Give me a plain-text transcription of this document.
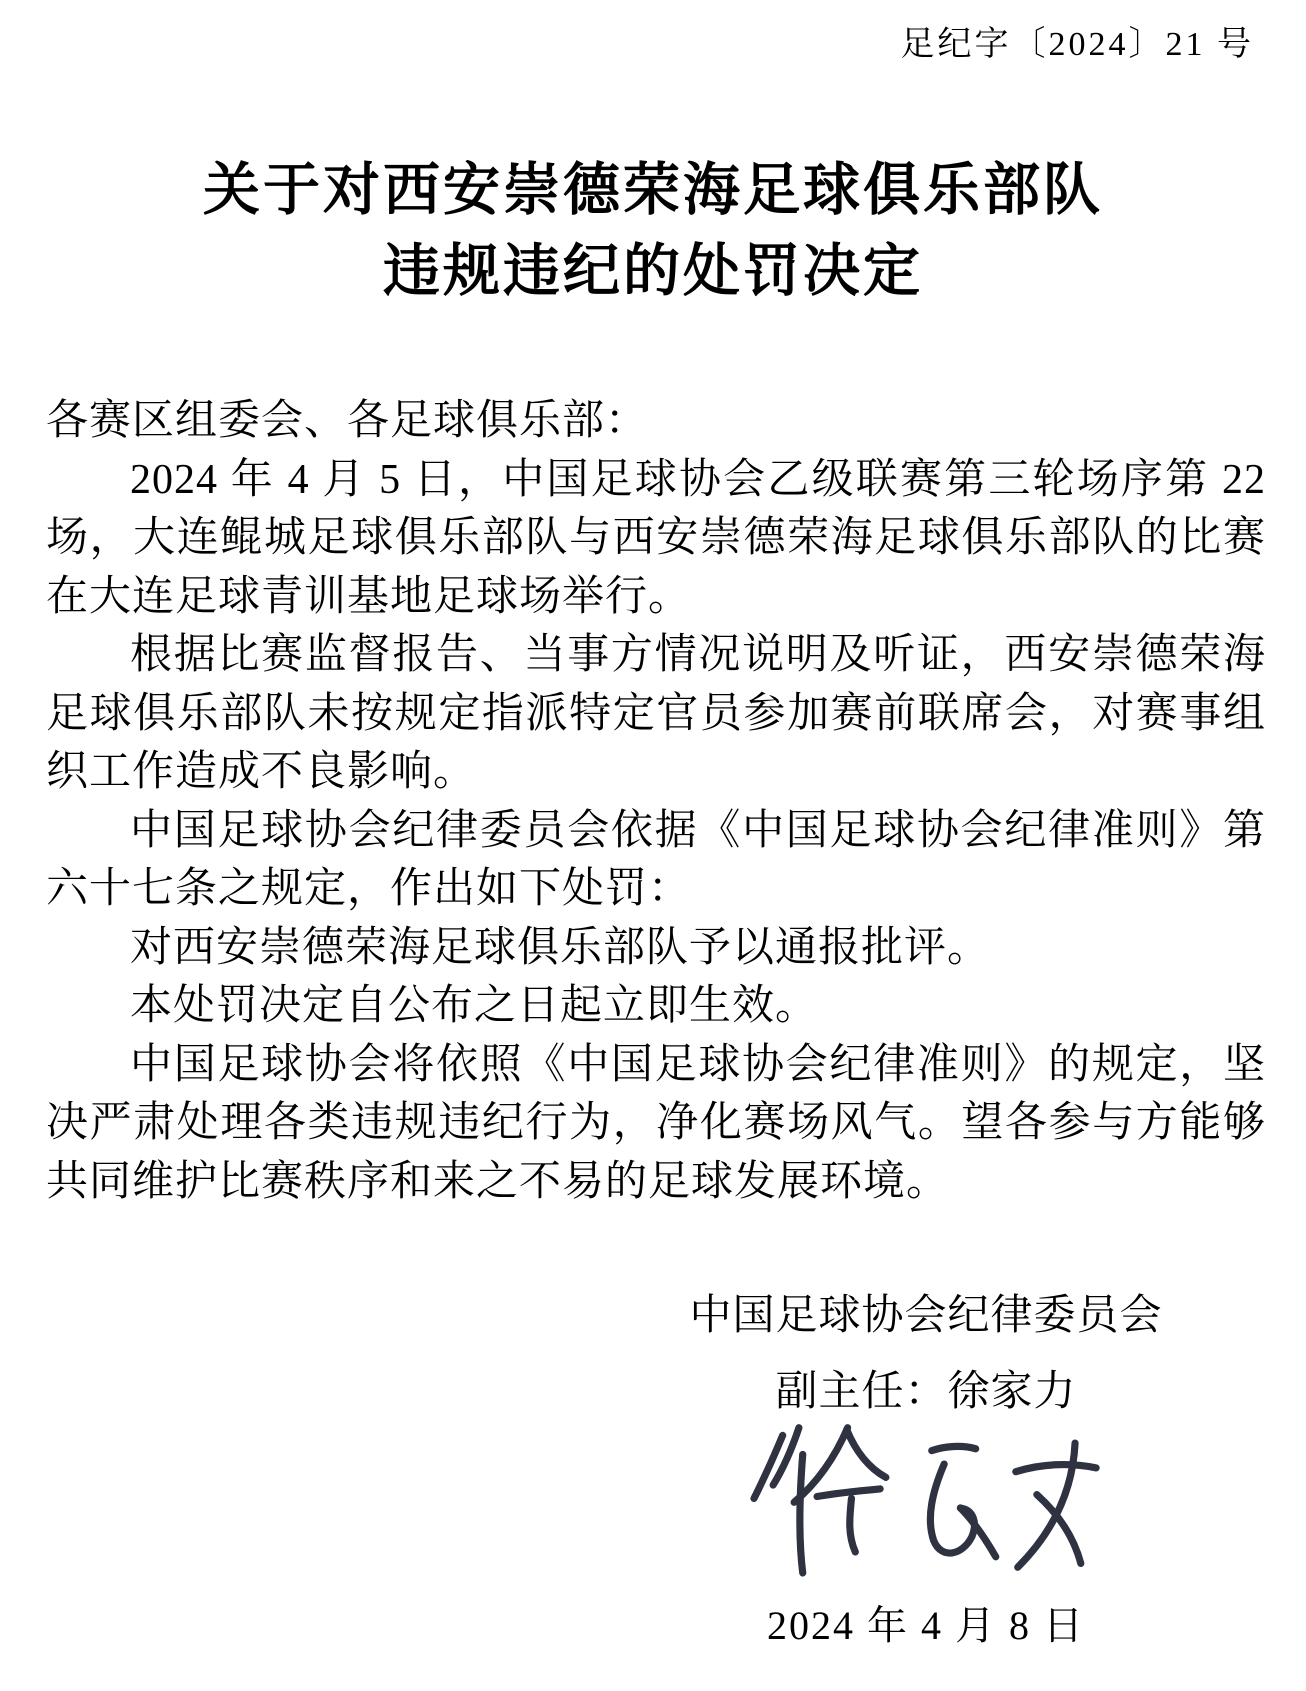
足纪字〔2024〕21 号
关于对西安崇德荣海足球俱乐部队
违规违纪的处罚决定

各赛区组委会、各足球俱乐部：

2024 年 4 月 5 日，中国足球协会乙级联赛第三轮场序第 22 场，大连鲲城足球俱乐部队与西安崇德荣海足球俱乐部队的比赛在大连足球青训基地足球场举行。

根据比赛监督报告、当事方情况说明及听证，西安崇德荣海足球俱乐部队未按规定指派特定官员参加赛前联席会，对赛事组织工作造成不良影响。

中国足球协会纪律委员会依据《中国足球协会纪律准则》第六十七条之规定，作出如下处罚：

对西安崇德荣海足球俱乐部队予以通报批评。

本处罚决定自公布之日起立即生效。

中国足球协会将依照《中国足球协会纪律准则》的规定，坚决严肃处理各类违规违纪行为，净化赛场风气。望各参与方能够共同维护比赛秩序和来之不易的足球发展环境。

中国足球协会纪律委员会
副主任：徐家力
2024 年 4 月 8 日
